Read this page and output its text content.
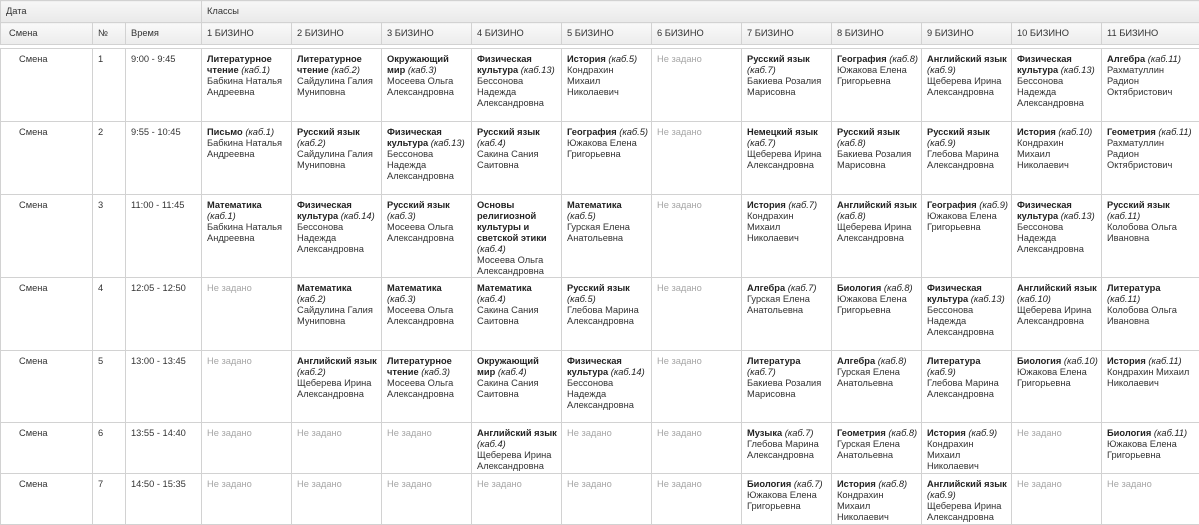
Дата			Классы										
Смена	№	Время	1 БИЗИНО	2 БИЗИНО	3 БИЗИНО	4 БИЗИНО	5 БИЗИНО	6 БИЗИНО	7 БИЗИНО	8 БИЗИНО	9 БИЗИНО	10 БИЗИНО	11 БИЗИНО

Смена	1	9:00 - 9:45	Литературное чтение (каб.1)
Бабкина Наталья Андреевна	Литературное чтение (каб.2)
Сайдулина Галия Муниповна	Окружающий мир (каб.3)
Мосеева Ольга Александровна	Физическая культура (каб.13)
Бессонова Надежда Александровна	История (каб.5)
Кондрахин Михаил Николаевич	Не задано	Русский язык (каб.7)
Бакиева Розалия Марисовна	География (каб.8)
Южакова Елена Григорьевна	Английский язык (каб.9)
Щеберева Ирина Александровна	Физическая культура (каб.13)
Бессонова Надежда Александровна	Алгебра (каб.11)
Рахматуллин Радион Октябристович

Смена	2	9:55 - 10:45	Письмо (каб.1)
Бабкина Наталья Андреевна	Русский язык (каб.2)
Сайдулина Галия Муниповна	Физическая культура (каб.13)
Бессонова Надежда Александровна	Русский язык (каб.4)
Сакина Сания Саитовна	География (каб.5)
Южакова Елена Григорьевна	Не задано	Немецкий язык (каб.7)
Щеберева Ирина Александровна	Русский язык (каб.8)
Бакиева Розалия Марисовна	Русский язык (каб.9)
Глебова Марина Александровна	История (каб.10)
Кондрахин Михаил Николаевич	Геометрия (каб.11)
Рахматуллин Радион Октябристович

Смена	3	11:00 - 11:45	Математика (каб.1)
Бабкина Наталья Андреевна	Физическая культура (каб.14)
Бессонова Надежда Александровна	Русский язык (каб.3)
Мосеева Ольга Александровна	Основы религиозной культуры и светской этики (каб.4)
Мосеева Ольга Александровна	Математика (каб.5)
Гурская Елена Анатольевна	Не задано	История (каб.7)
Кондрахин Михаил Николаевич	Английский язык (каб.8)
Щеберева Ирина Александровна	География (каб.9)
Южакова Елена Григорьевна	Физическая культура (каб.13)
Бессонова Надежда Александровна	Русский язык (каб.11)
Колобова Ольга Ивановна

Смена	4	12:05 - 12:50	Не задано	Математика (каб.2)
Сайдулина Галия Муниповна	Математика (каб.3)
Мосеева Ольга Александровна	Математика (каб.4)
Сакина Сания Саитовна	Русский язык (каб.5)
Глебова Марина Александровна	Не задано	Алгебра (каб.7)
Гурская Елена Анатольевна	Биология (каб.8)
Южакова Елена Григорьевна	Физическая культура (каб.13)
Бессонова Надежда Александровна	Английский язык (каб.10)
Щеберева Ирина Александровна	Литература (каб.11)
Колобова Ольга Ивановна

Смена	5	13:00 - 13:45	Не задано	Английский язык (каб.2)
Щеберева Ирина Александровна	Литературное чтение (каб.3)
Мосеева Ольга Александровна	Окружающий мир (каб.4)
Сакина Сания Саитовна	Физическая культура (каб.14)
Бессонова Надежда Александровна	Не задано	Литература (каб.7)
Бакиева Розалия Марисовна	Алгебра (каб.8)
Гурская Елена Анатольевна	Литература (каб.9)
Глебова Марина Александровна	Биология (каб.10)
Южакова Елена Григорьевна	История (каб.11)
Кондрахин Михаил Николаевич

Смена	6	13:55 - 14:40	Не задано	Не задано	Не задано	Английский язык (каб.4)
Щеберева Ирина Александровна	Не задано	Не задано	Музыка (каб.7)
Глебова Марина Александровна	Геометрия (каб.8)
Гурская Елена Анатольевна	История (каб.9)
Кондрахин Михаил Николаевич	Не задано	Биология (каб.11)
Южакова Елена Григорьевна

Смена	7	14:50 - 15:35	Не задано	Не задано	Не задано	Не задано	Не задано	Не задано	Биология (каб.7)
Южакова Елена Григорьевна	История (каб.8)
Кондрахин Михаил Николаевич	Английский язык (каб.9)
Щеберева Ирина Александровна	Не задано	Не задано
